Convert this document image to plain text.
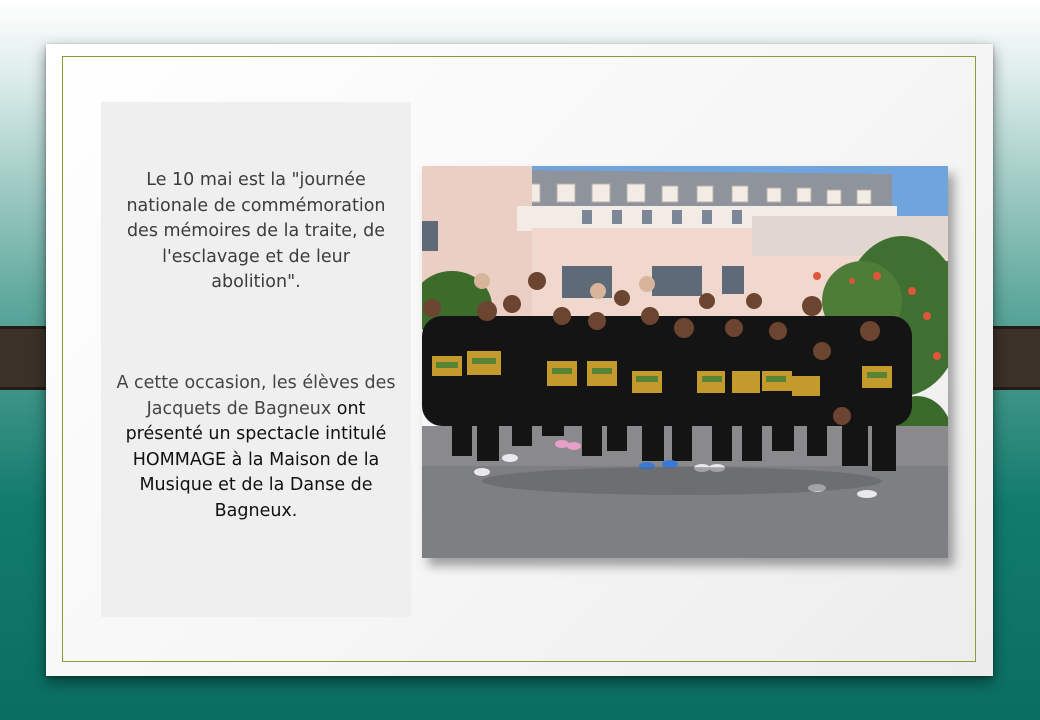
Le 10 mai est la "journée nationale de commémoration des mémoires de la traite, de l'esclavage et de leur abolition".
A cette occasion, les élèves des Jacquets de Bagneux ont présenté un spectacle intitulé HOMMAGE à la Maison de la Musique et de la Danse de Bagneux.
